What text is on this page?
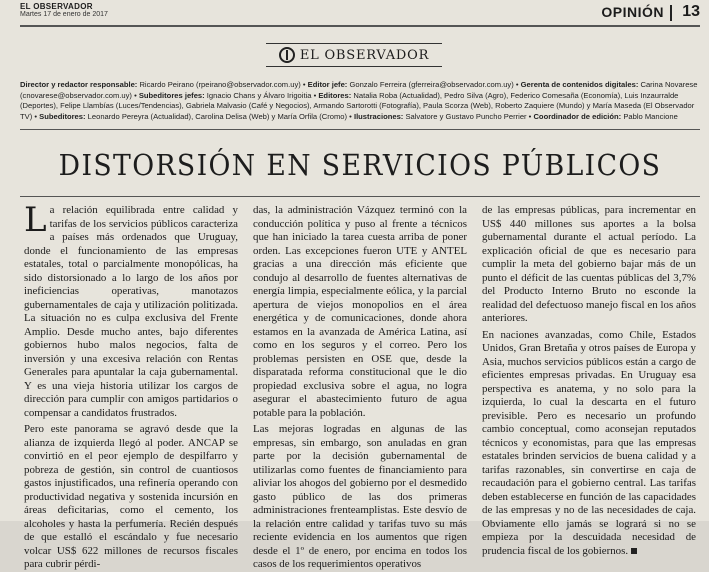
EL OBSERVADOR
Martes 17 de enero de 2017	OPINIÓN 13
EL OBSERVADOR
Director y redactor responsable: Ricardo Peirano (rpeirano@observador.com.uy) • Editor jefe: Gonzalo Ferreira (gferreira@observador.com.uy) • Gerenta de contenidos digitales: Carina Novarese (cnovarese@observador.com.uy) • Subeditores jefes: Ignacio Chans y Álvaro Irigoitia • Editores: Natalia Roba (Actualidad), Pedro Silva (Agro), Federico Comesaña (Economía), Luis Inzaurralde (Deportes), Felipe Llambías (Luces/Tendencias), Gabriela Malvasio (Café y Negocios), Armando Sartorotti (Fotografía), Paula Scorza (Web), Roberto Zaquiere (Mundo) y María Maseda (El Observador TV) • Subeditores: Leonardo Pereyra (Actualidad), Carolina Delisa (Web) y María Orfila (Cromo) • Ilustraciones: Salvatore y Gustavo Puncho Perrier • Coordinador de edición: Pablo Mancione
DISTORSIÓN EN SERVICIOS PÚBLICOS

La relación equilibrada entre calidad y tarifas de los servicios públicos caracteriza a países más ordenados que Uruguay, donde el funcionamiento de las empresas estatales, total o parcialmente monopólicas, ha sido distorsionado a lo largo de los años por ineficiencias operativas, manotazos gubernamentales de caja y utilización politizada. La situación no es culpa exclusiva del Frente Amplio. Desde mucho antes, bajo diferentes gobiernos hubo malos negocios, falta de inversión y una excesiva relación con Rentas Generales para apuntalar la caja gubernamental. Y es una vieja historia utilizar los cargos de dirección para cumplir con amigos partidarios o compensar a candidatos frustrados.

Pero este panorama se agravó desde que la alianza de izquierda llegó al poder. ANCAP se convirtió en el peor ejemplo de despilfarro y pobreza de gestión, sin control de cuantiosos gastos injustificados, una refinería operando con productividad negativa y sostenida incursión en áreas deficitarias, como el cemento, los alcoholes y hasta la perfumería. Recién después de que estalló el escándalo y fue necesario volcar US$ 622 millones de recursos fiscales para cubrir pérdi-

das, la administración Vázquez terminó con la conducción política y puso al frente a técnicos que han iniciado la tarea cuesta arriba de poner orden. Las excepciones fueron UTE y ANTEL gracias a una dirección más eficiente que condujo al desarrollo de fuentes alternativas de energía limpia, especialmente eólica, y la parcial apertura de viejos monopolios en el área energética y de comunicaciones, donde ahora estamos en la avanzada de América Latina, así como en los seguros y el correo. Pero los problemas persisten en OSE que, desde la disparatada reforma constitucional que le dio propiedad exclusiva sobre el agua, no logra asegurar el abastecimiento futuro de agua potable para la población.

Las mejoras logradas en algunas de las empresas, sin embargo, son anuladas en gran parte por la decisión gubernamental de utilizarlas como fuentes de financiamiento para aliviar los ahogos del gobierno por el desmedido gasto público de las dos primeras administraciones frenteamplistas. Este desvío de la relación entre calidad y tarifas tuvo su más reciente evidencia en los aumentos que rigen desde el 1º de enero, por encima en todos los casos de los requerimientos operativos

de las empresas públicas, para incrementar en US$ 440 millones sus aportes a la bolsa gubernamental durante el actual período. La explicación oficial de que es necesario para cumplir la meta del gobierno bajar más de un punto el déficit de las cuentas públicas del 3,7% del Producto Interno Bruto no esconde la realidad del defectuoso manejo fiscal en los años anteriores.

En naciones avanzadas, como Chile, Estados Unidos, Gran Bretaña y otros países de Europa y Asia, muchos servicios públicos están a cargo de eficientes empresas privadas. En Uruguay esa perspectiva es anatema, y no solo para la izquierda, lo cual la descarta en el futuro previsible. Pero es necesario un profundo cambio conceptual, como aconsejan reputados técnicos y economistas, para que las empresas estatales brinden servicios de buena calidad y a tarifas razonables, sin convertirse en caja de recaudación para el gobierno central. Las tarifas deben establecerse en función de las capacidades de las empresas y no de las necesidades de caja. Obviamente ello jamás se logrará si no se empieza por la descuidada necesidad de prudencia fiscal de los gobiernos.
